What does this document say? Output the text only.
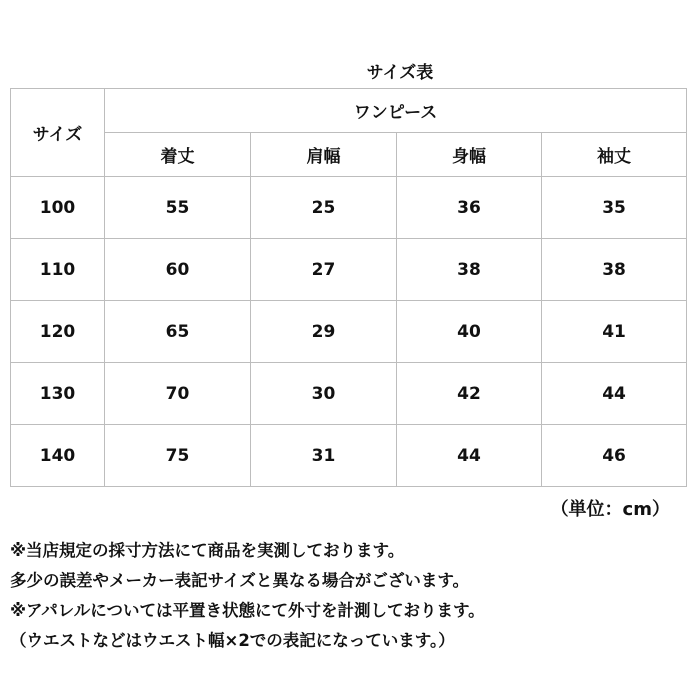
サイズ表
サイズ	ワンピース			
	着丈	肩幅	身幅	袖丈
100	55	25	36	35
110	60	27	38	38
120	65	29	40	41
130	70	30	42	44
140	75	31	44	46
（単位：cm）
※当店規定の採寸方法にて商品を実測しております。
多少の誤差やメーカー表記サイズと異なる場合がございます。
※アパレルについては平置き状態にて外寸を計測しております。
（ウエストなどはウエスト幅×2での表記になっています。）
